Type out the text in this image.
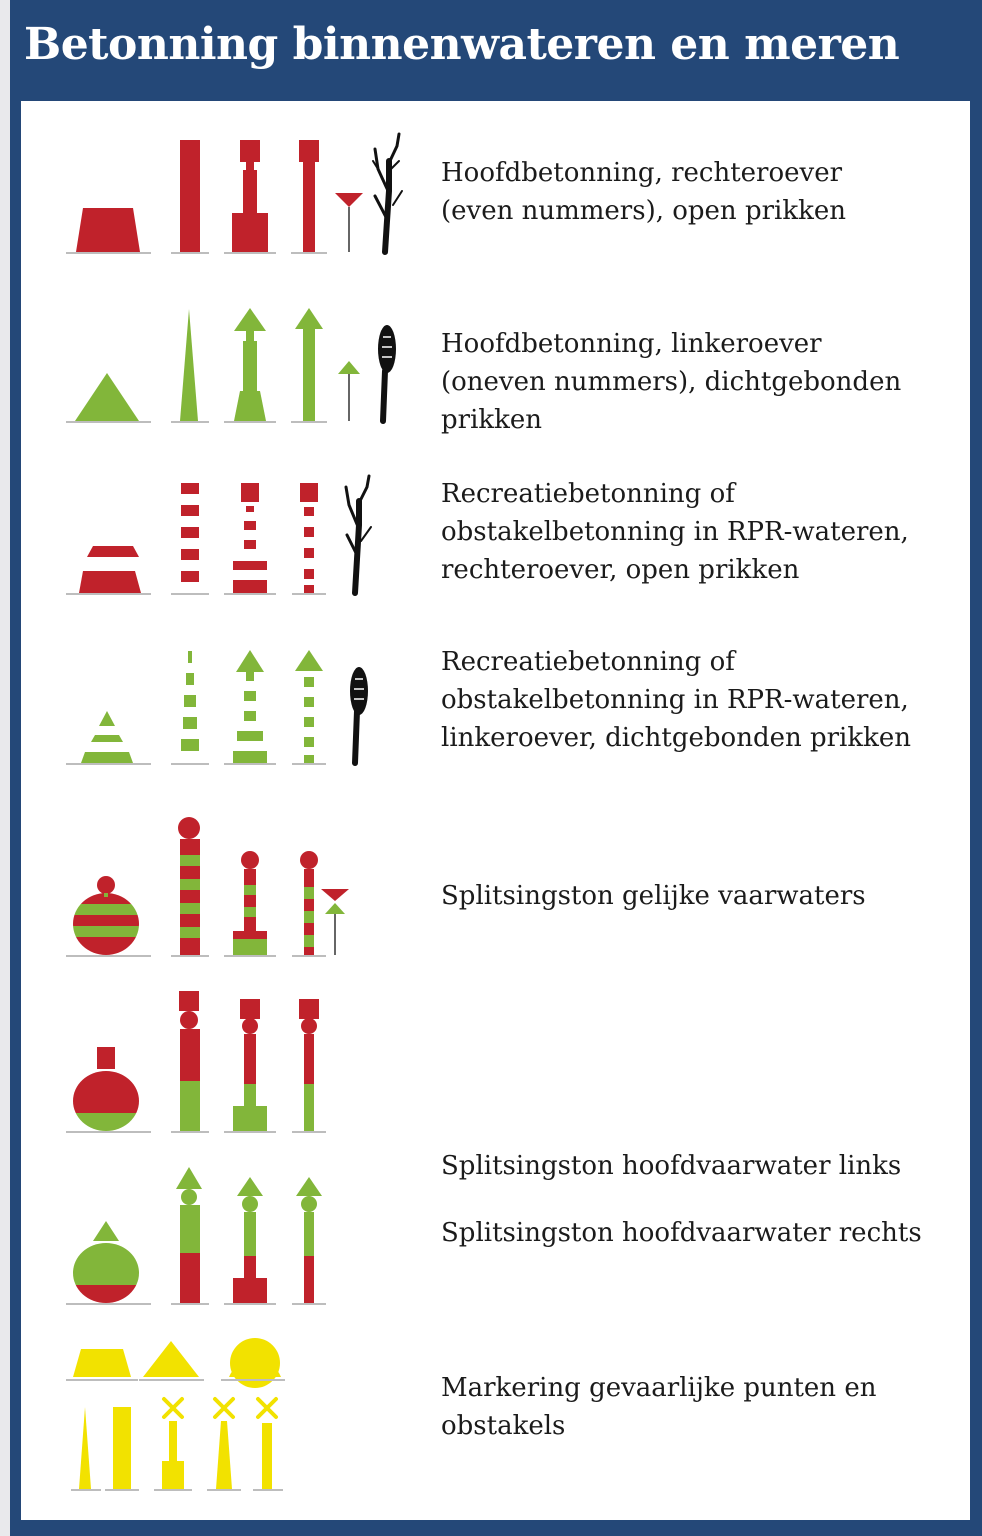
Betonning binnenwateren en meren
Hoofdbetonning, rechteroever
(even nummers), open prikken
Hoofdbetonning, linkeroever
(oneven nummers), dichtgebonden
prikken
Recreatiebetonning of
obstakelbetonning in RPR-wateren,
rechteroever, open prikken
Recreatiebetonning of
obstakelbetonning in RPR-wateren,
linkeroever, dichtgebonden prikken
Splitsingston gelijke vaarwaters
Splitsingston hoofdvaarwater links
Splitsingston hoofdvaarwater rechts
Markering gevaarlijke punten en
obstakels
